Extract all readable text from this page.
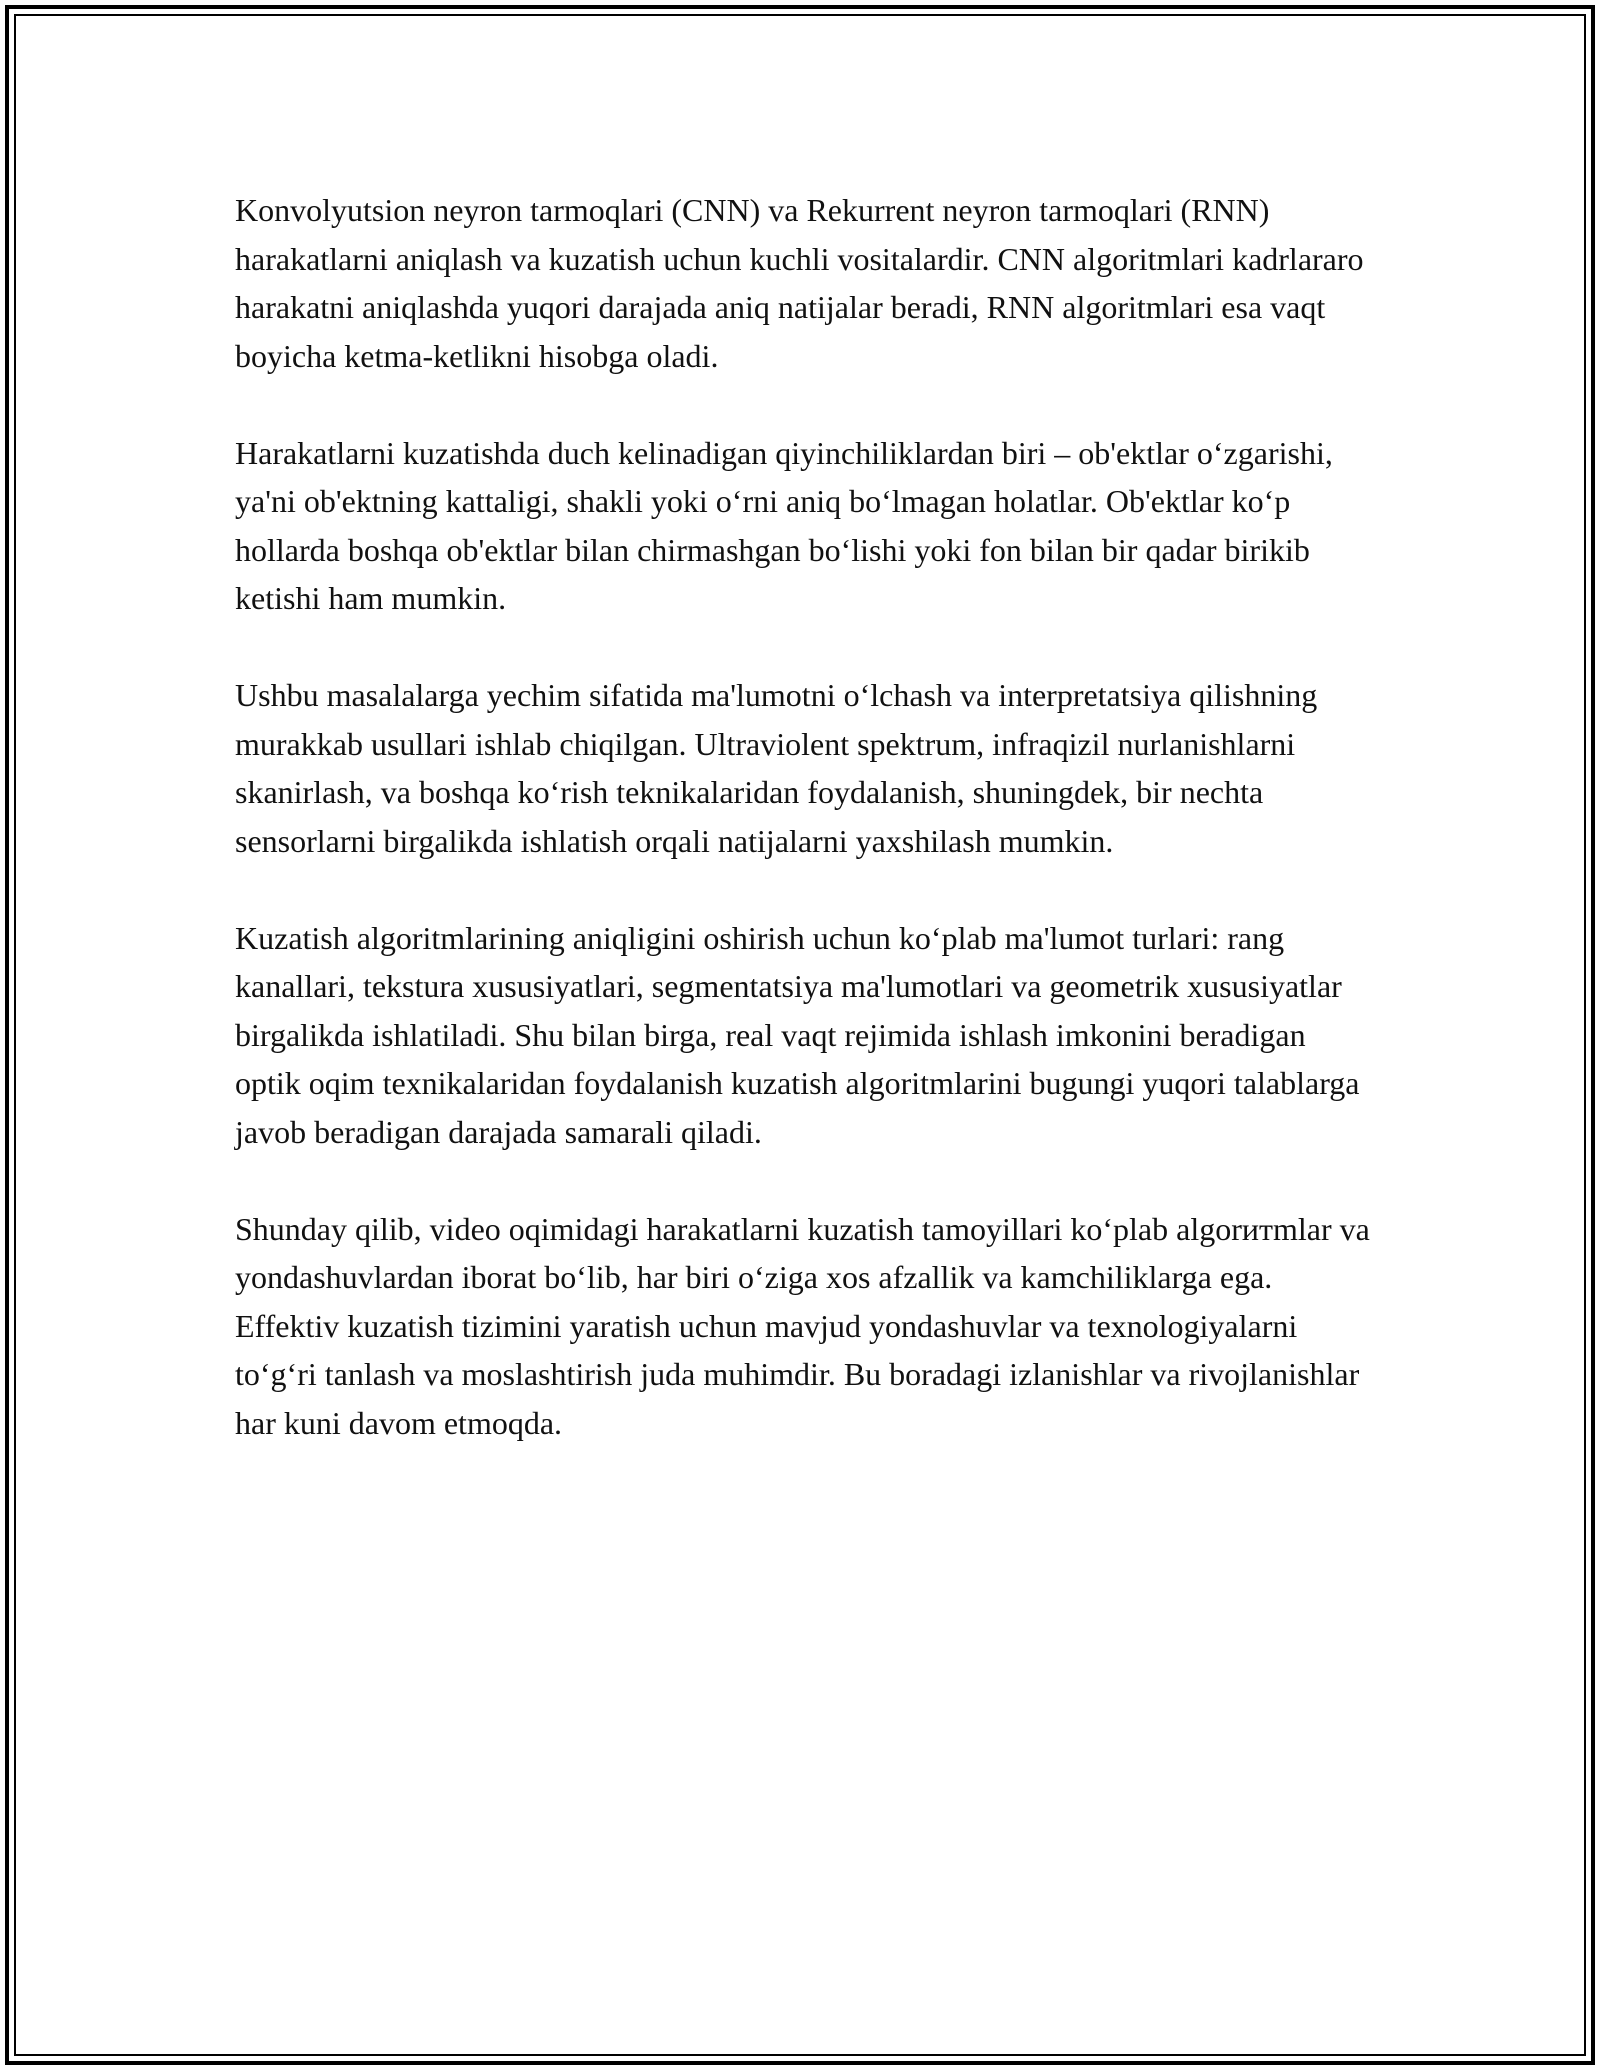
Konvolyutsion neyron tarmoqlari (CNN) va Rekurrent neyron tarmoqlari (RNN) harakatlarni aniqlash va kuzatish uchun kuchli vositalardir. CNN algoritmlari kadrlararo harakatni aniqlashda yuqori darajada aniq natijalar beradi, RNN algoritmlari esa vaqt boyicha ketma-ketlikni hisobga oladi.

Harakatlarni kuzatishda duch kelinadigan qiyinchiliklardan biri – ob'ektlar o‘zgarishi, ya'ni ob'ektning kattaligi, shakli yoki o‘rni aniq bo‘lmagan holatlar. Ob'ektlar ko‘p hollarda boshqa ob'ektlar bilan chirmashgan bo‘lishi yoki fon bilan bir qadar birikib ketishi ham mumkin.

Ushbu masalalarga yechim sifatida ma'lumotni o‘lchash va interpretatsiya qilishning murakkab usullari ishlab chiqilgan. Ultraviolent spektrum, infraqizil nurlanishlarni skanirlash, va boshqa ko‘rish teknikalaridan foydalanish, shuningdek, bir nechta sensorlarni birgalikda ishlatish orqali natijalarni yaxshilash mumkin.

Kuzatish algoritmlarining aniqligini oshirish uchun ko‘plab ma'lumot turlari: rang kanallari, tekstura xususiyatlari, segmentatsiya ma'lumotlari va geometrik xususiyatlar birgalikda ishlatiladi. Shu bilan birga, real vaqt rejimida ishlash imkonini beradigan optik oqim texnikalaridan foydalanish kuzatish algoritmlarini bugungi yuqori talablarga javob beradigan darajada samarali qiladi.

Shunday qilib, video oqimidagi harakatlarni kuzatish tamoyillari ko‘plab algorитmlar va yondashuvlardan iborat bo‘lib, har biri o‘ziga xos afzallik va kamchiliklarga ega. Effektiv kuzatish tizimini yaratish uchun mavjud yondashuvlar va texnologiyalarni to‘g‘ri tanlash va moslashtirish juda muhimdir. Bu boradagi izlanishlar va rivojlanishlar har kuni davom etmoqda.
